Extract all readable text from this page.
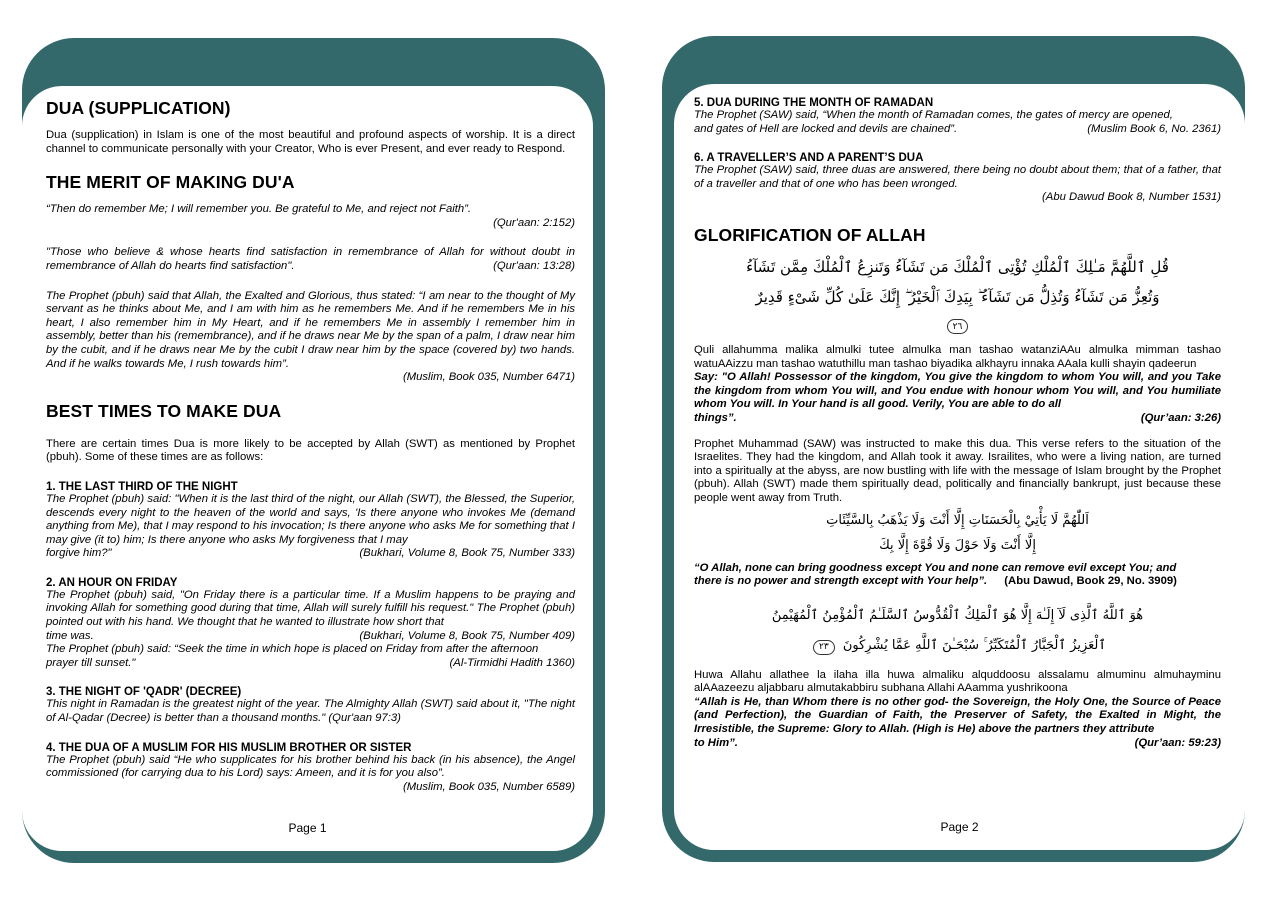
DUA (SUPPLICATION)

Dua (supplication) in Islam is one of the most beautiful and profound aspects of worship. It is a direct channel to communicate personally with your Creator, Who is ever Present, and ever ready to Respond.

THE MERIT OF MAKING DU'A

“Then do remember Me; I will remember you. Be grateful to Me, and reject not Faith”.

(Qur'aan: 2:152)

"Those who believe & whose hearts find satisfaction in remembrance of Allah for without doubt in remembrance of Allah do hearts find satisfaction".	(Qur'aan: 13:28)

The Prophet (pbuh) said that Allah, the Exalted and Glorious, thus stated: “I am near to the thought of My servant as he thinks about Me, and I am with him as he remembers Me. And if he remembers Me in his heart, I also remember him in My Heart, and if he remembers Me in assembly I remember him in assembly, better than his (remembrance), and if he draws near Me by the span of a palm, I draw near him by the cubit, and if he draws near Me by the cubit I draw near him by the space (covered by) two hands. And if he walks towards Me, I rush towards him”.

(Muslim, Book 035, Number 6471)
BEST TIMES TO MAKE DUA

There are certain times Dua is more likely to be accepted by Allah (SWT) as mentioned by Prophet (pbuh). Some of these times are as follows:

1. THE LAST THIRD OF THE NIGHT

The Prophet (pbuh) said: "When it is the last third of the night, our Allah (SWT), the Blessed, the Superior, descends every night to the heaven of the world and says, 'Is there anyone who invokes Me (demand anything from Me), that I may respond to his invocation; Is there anyone who asks Me for something that I may give (it to) him; Is there anyone who asks My forgiveness that I may

forgive him?"	(Bukhari, Volume 8, Book 75, Number 333)
2. AN HOUR ON FRIDAY

The Prophet (pbuh) said, "On Friday there is a particular time. If a Muslim happens to be praying and invoking Allah for something good during that time, Allah will surely fulfill his request." The Prophet (pbuh) pointed out with his hand. We thought that he wanted to illustrate how short that

time was.	(Bukhari, Volume 8, Book 75, Number 409)

The Prophet (pbuh) said: “Seek the time in which hope is placed on Friday from after the afternoon

prayer till sunset."	(Al-Tirmidhi Hadith 1360)
3. THE NIGHT OF 'QADR' (DECREE)

This night in Ramadan is the greatest night of the year. The Almighty Allah (SWT) said about it, "The night of Al-Qadar (Decree) is better than a thousand months." (Qur'aan 97:3)

4. THE DUA OF A MUSLIM FOR HIS MUSLIM BROTHER OR SISTER

The Prophet (pbuh) said “He who supplicates for his brother behind his back (in his absence), the Angel commissioned (for carrying dua to his Lord) says: Ameen, and it is for you also”.

(Muslim, Book 035, Number 6589)
Page 1
5. DUA DURING THE MONTH OF RAMADAN

The Prophet (SAW) said, “When the month of Ramadan comes, the gates of mercy are opened,

and gates of Hell are locked and devils are chained”.	(Muslim Book 6, No. 2361)
6. A TRAVELLER’S AND A PARENT’S DUA

The Prophet (SAW) said, three duas are answered, there being no doubt about them; that of a father, that of a traveller and that of one who has been wronged.

(Abu Dawud Book 8, Number 1531)
GLORIFICATION OF ALLAH

قُلِ ٱللَّهُمَّ مَـٰلِكَ ٱلْمُلْكِ تُؤْتِى ٱلْمُلْكَ مَن تَشَآءُ وَتَنزِعُ ٱلْمُلْكَ مِمَّن تَشَآءُ

وَتُعِزُّ مَن تَشَآءُ وَتُذِلُّ مَن تَشَآءُ ۖ بِيَدِكَ ٱلْخَيْرُ ۖ إِنَّكَ عَلَىٰ كُلِّ شَىْءٍ قَدِيرٌ

٢٦

Quli allahumma malika almulki tutee almulka man tashao watanziAAu almulka mimman tashao watuAAizzu man tashao watuthillu man tashao biyadika alkhayru innaka AAala kulli shayin qadeerun

Say: "O Allah! Possessor of the kingdom, You give the kingdom to whom You will, and you Take the kingdom from whom You will, and You endue with honour whom You will, and You humiliate whom You will. In Your hand is all good. Verily, You are able to do all

things”.	(Qur’aan: 3:26)

Prophet Muhammad (SAW) was instructed to make this dua. This verse refers to the situation of the Israelites. They had the kingdom, and Allah took it away. Israilites, who were a living nation, are turned into a spiritually at the abyss, are now bustling with life with the message of Islam brought by the Prophet (pbuh). Allah (SWT) made them spiritually dead, politically and financially bankrupt, just because these people went away from Truth.

اَللّٰهُمَّ لَا يَأْتِيْ بِالْحَسَنَاتِ إِلَّا أَنْتَ وَلَا يَذْهَبُ بِالسَّيِّئَاتِ

إِلَّا أَنْتَ وَلَا حَوْلَ وَلَا قُوَّةَ إِلَّا بِكَ

“O Allah, none can bring goodness except You and none can remove evil except You; and

there is no power and strength except with Your help”. (Abu Dawud, Book 29, No. 3909)

هُوَ ٱللَّهُ ٱلَّذِى لَآ إِلَـٰهَ إِلَّا هُوَ ٱلْمَلِكُ ٱلْقُدُّوسُ ٱلسَّلَـٰمُ ٱلْمُؤْمِنُ ٱلْمُهَيْمِنُ

ٱلْعَزِيزُ ٱلْجَبَّارُ ٱلْمُتَكَبِّرُ ۚ سُبْحَـٰنَ ٱللَّهِ عَمَّا يُشْرِكُونَ ٢٣

Huwa Allahu allathee la ilaha illa huwa almaliku alquddoosu alssalamu almuminu almuhayminu alAAazeezu aljabbaru almutakabbiru subhana Allahi AAamma yushrikoona

“Allah is He, than Whom there is no other god- the Sovereign, the Holy One, the Source of Peace (and Perfection), the Guardian of Faith, the Preserver of Safety, the Exalted in Might, the Irresistible, the Supreme: Glory to Allah. (High is He) above the partners they attribute

to Him”.	(Qur’aan: 59:23)
Page 2
